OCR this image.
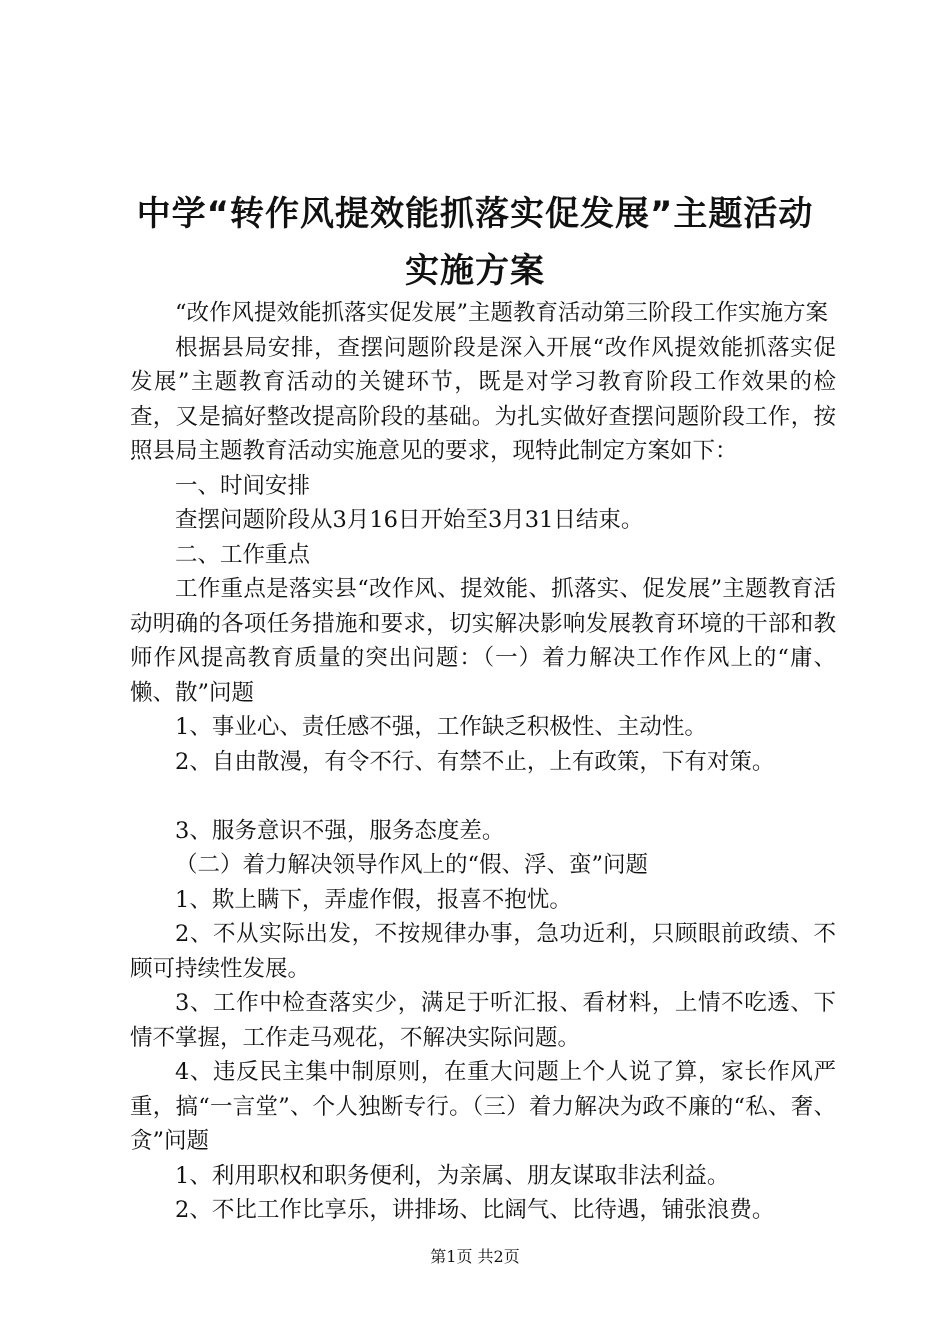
中学“转作风提效能抓落实促发展”主题活动
实施方案

“改作风提效能抓落实促发展”主题教育活动第三阶段工作实施方案

根据县局安排，查摆问题阶段是深入开展“改作风提效能抓落实促发展”主题教育活动的关键环节，既是对学习教育阶段工作效果的检查，又是搞好整改提高阶段的基础。为扎实做好查摆问题阶段工作，按照县局主题教育活动实施意见的要求，现特此制定方案如下：

一、时间安排

查摆问题阶段从3月16日开始至3月31日结束。

二、工作重点

工作重点是落实县“改作风、提效能、抓落实、促发展”主题教育活动明确的各项任务措施和要求，切实解决影响发展教育环境的干部和教师作风提高教育质量的突出问题：（一）着力解决工作作风上的“庸、懒、散”问题

1、事业心、责任感不强，工作缺乏积极性、主动性。

2、自由散漫，有令不行、有禁不止，上有政策，下有对策。

3、服务意识不强，服务态度差。

（二）着力解决领导作风上的“假、浮、蛮”问题

1、欺上瞒下，弄虚作假，报喜不抱忧。

2、不从实际出发，不按规律办事，急功近利，只顾眼前政绩、不顾可持续性发展。

3、工作中检查落实少，满足于听汇报、看材料，上情不吃透、下情不掌握，工作走马观花，不解决实际问题。

4、违反民主集中制原则，在重大问题上个人说了算，家长作风严重，搞“一言堂”、个人独断专行。（三）着力解决为政不廉的“私、奢、贪”问题

1、利用职权和职务便利，为亲属、朋友谋取非法利益。

2、不比工作比享乐，讲排场、比阔气、比待遇，铺张浪费。

第1页 共2页
